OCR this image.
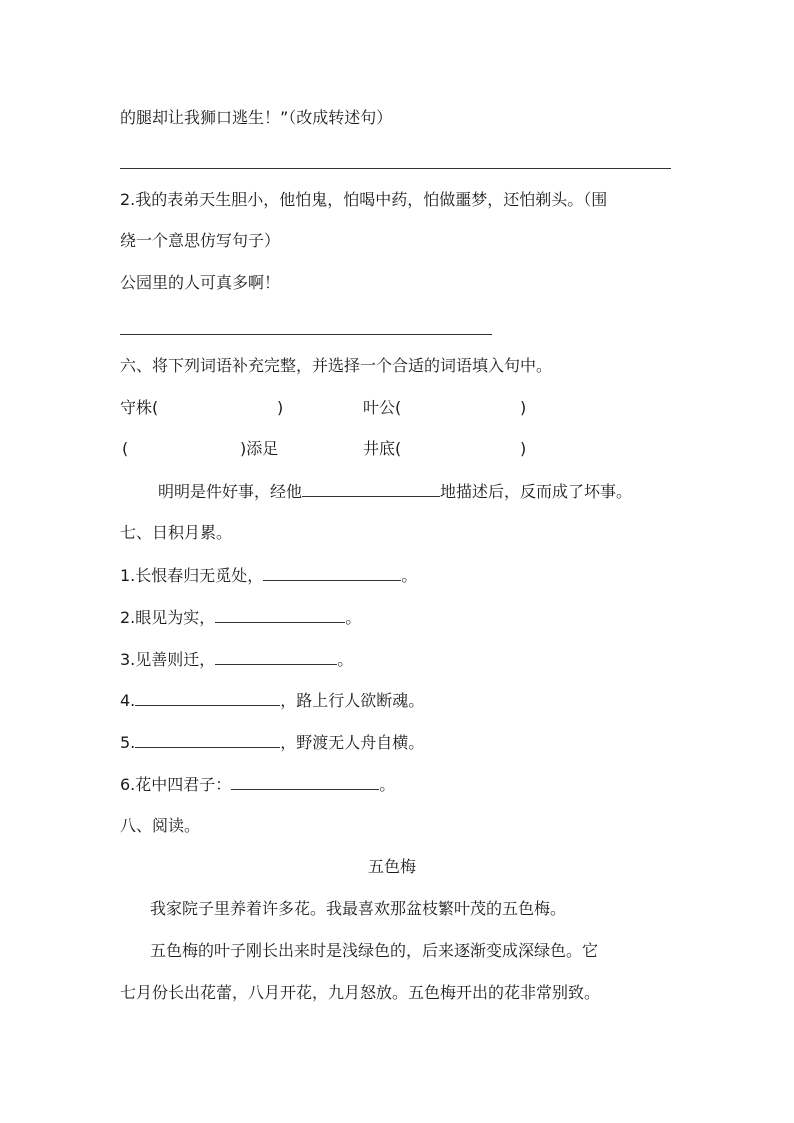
的腿却让我狮口逃生！”（改成转述句）
2.我的表弟天生胆小，他怕鬼，怕喝中药，怕做噩梦，还怕剃头。（围
绕一个意思仿写句子）
公园里的人可真多啊！
六、将下列词语补充完整，并选择一个合适的词语填入句中。
守株(	)	叶公(	)
(	)添足	井底(	)
明明是件好事，经他	地描述后，反而成了坏事。
七、日积月累。
1.长恨春归无觅处，	。
2.眼见为实，	。
3.见善则迁，	。
4.	，路上行人欲断魂。
5.	，野渡无人舟自横。
6.花中四君子：	。
八、阅读。
五色梅
我家院子里养着许多花。我最喜欢那盆枝繁叶茂的五色梅。
五色梅的叶子刚长出来时是浅绿色的，后来逐渐变成深绿色。它
七月份长出花蕾，八月开花，九月怒放。五色梅开出的花非常别致。
